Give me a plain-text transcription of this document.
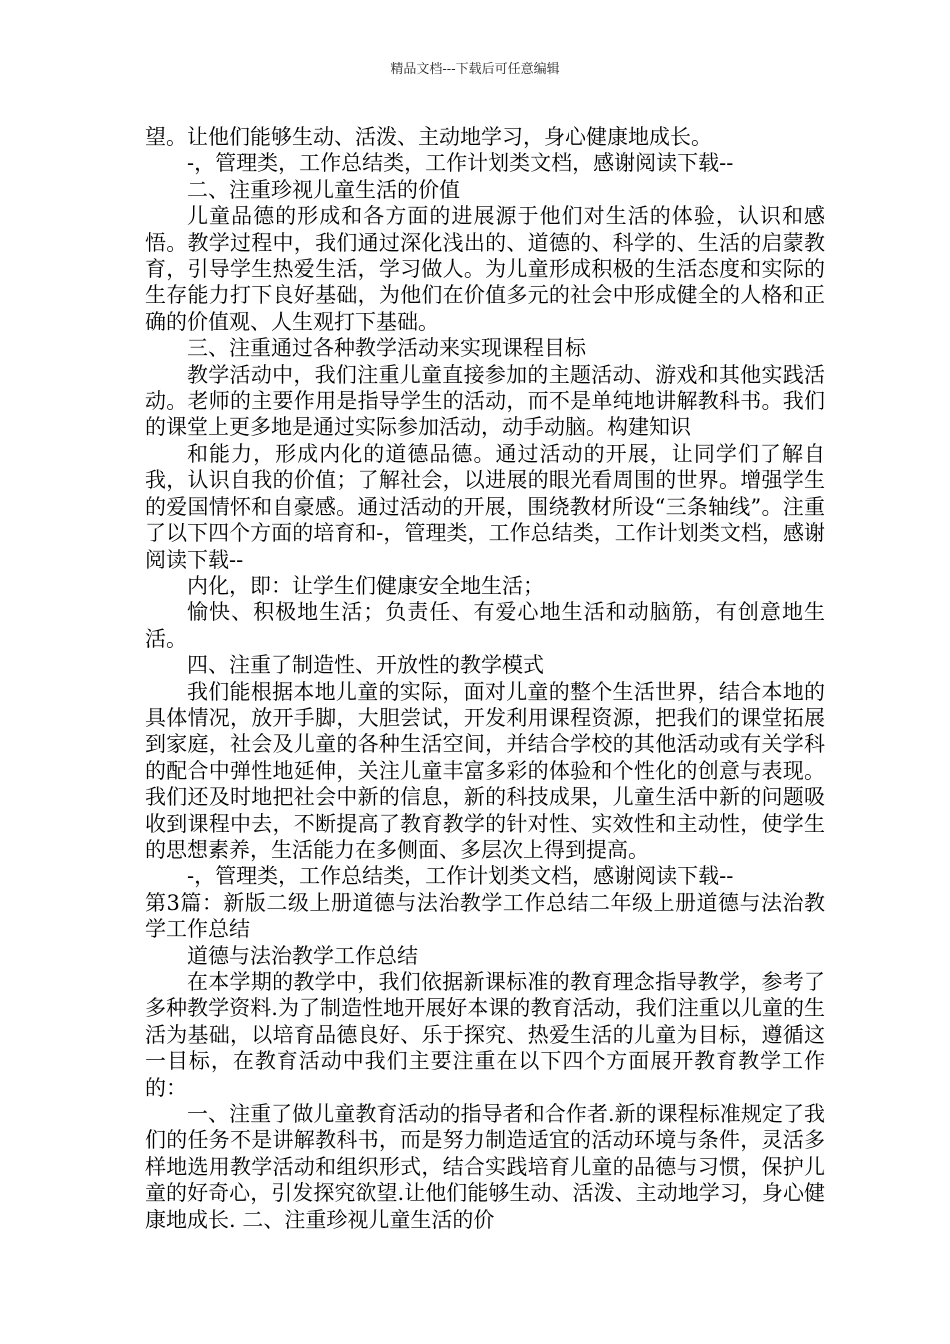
精品文档---下载后可任意编辑

望。让他们能够生动、活泼、主动地学习，身心健康地成长。

-，管理类，工作总结类，工作计划类文档，感谢阅读下载--

二、注重珍视儿童生活的价值

儿童品德的形成和各方面的进展源于他们对生活的体验，认识和感悟。教学过程中，我们通过深化浅出的、道德的、科学的、生活的启蒙教育，引导学生热爱生活，学习做人。为儿童形成积极的生活态度和实际的生存能力打下良好基础，为他们在价值多元的社会中形成健全的人格和正确的价值观、人生观打下基础。

三、注重通过各种教学活动来实现课程目标

教学活动中，我们注重儿童直接参加的主题活动、游戏和其他实践活动。老师的主要作用是指导学生的活动，而不是单纯地讲解教科书。我们的课堂上更多地是通过实际参加活动，动手动脑。构建知识

和能力，形成内化的道德品德。通过活动的开展，让同学们了解自我，认识自我的价值；了解社会，以进展的眼光看周围的世界。增强学生的爱国情怀和自豪感。通过活动的开展，围绕教材所设“三条轴线”。注重了以下四个方面的培育和-，管理类，工作总结类，工作计划类文档，感谢阅读下载--

内化，即：让学生们健康安全地生活；

愉快、积极地生活；负责任、有爱心地生活和动脑筋，有创意地生活。

四、注重了制造性、开放性的教学模式

我们能根据本地儿童的实际，面对儿童的整个生活世界，结合本地的具体情况，放开手脚，大胆尝试，开发利用课程资源，把我们的课堂拓展到家庭，社会及儿童的各种生活空间，并结合学校的其他活动或有关学科的配合中弹性地延伸，关注儿童丰富多彩的体验和个性化的创意与表现。我们还及时地把社会中新的信息，新的科技成果，儿童生活中新的问题吸收到课程中去，不断提高了教育教学的针对性、实效性和主动性，使学生的思想素养，生活能力在多侧面、多层次上得到提高。

-，管理类，工作总结类，工作计划类文档，感谢阅读下载--

第3篇：新版二级上册道德与法治教学工作总结二年级上册道德与法治教学工作总结

道德与法治教学工作总结

在本学期的教学中，我们依据新课标准的教育理念指导教学，参考了多种教学资料.为了制造性地开展好本课的教育活动，我们注重以儿童的生活为基础，以培育品德良好、乐于探究、热爱生活的儿童为目标，遵循这一目标，在教育活动中我们主要注重在以下四个方面展开教育教学工作的：

一、注重了做儿童教育活动的指导者和合作者.新的课程标准规定了我们的任务不是讲解教科书，而是努力制造适宜的活动环境与条件，灵活多样地选用教学活动和组织形式，结合实践培育儿童的品德与习惯，保护儿童的好奇心，引发探究欲望.让他们能够生动、活泼、主动地学习，身心健康地成长. 二、注重珍视儿童生活的价
